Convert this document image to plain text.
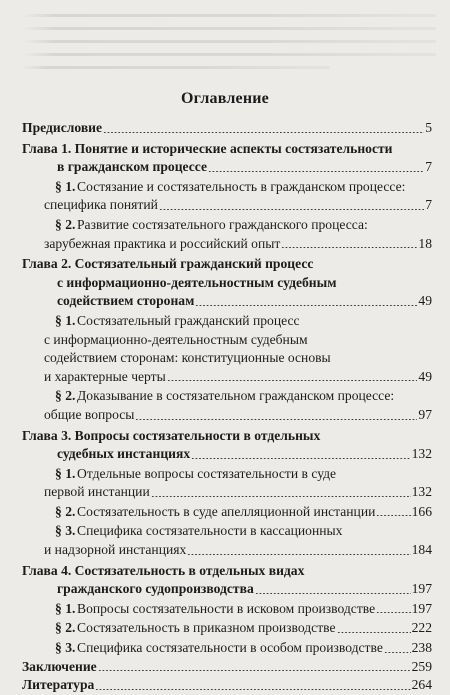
Оглавление
Предисловие	5
Глава 1. Понятие и исторические аспекты состязательности
в гражданском процессе	7
§ 1. Состязание и состязательность в гражданском процессе:
специфика понятий	7
§ 2. Развитие состязательного гражданского процесса:
зарубежная практика и российский опыт	18
Глава 2. Состязательный гражданский процесс
с информационно-деятельностным судебным
содействием сторонам	49
§ 1. Состязательный гражданский процесс
с информационно-деятельностным судебным
содействием сторонам: конституционные основы
и характерные черты	49
§ 2. Доказывание в состязательном гражданском процессе:
общие вопросы	97
Глава 3. Вопросы состязательности в отдельных
судебных инстанциях	132
§ 1. Отдельные вопросы состязательности в суде
первой инстанции	132
§ 2. Состязательность в суде апелляционной инстанции	166
§ 3. Специфика состязательности в кассационных
и надзорной инстанциях	184
Глава 4. Состязательность в отдельных видах
гражданского судопроизводства	197
§ 1. Вопросы состязательности в исковом производстве	197
§ 2. Состязательность в приказном производстве	222
§ 3. Специфика состязательности в особом производстве 238
Заключение	259
Литература	264
